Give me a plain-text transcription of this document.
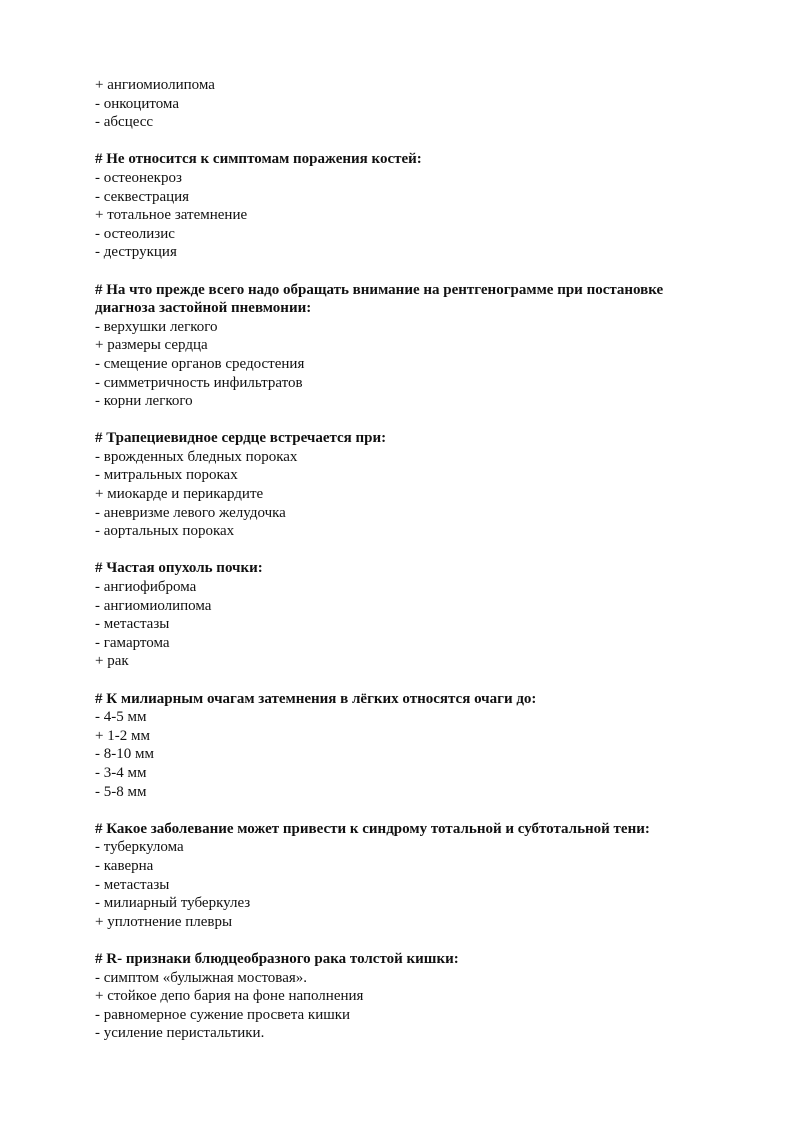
+ ангиомиолипома
- онкоцитома
- абсцесс
# Не относится к симптомам поражения костей:
- остеонекроз
- секвестрация
+ тотальное затемнение
- остеолизис
- деструкция
# На что прежде всего надо обращать внимание на рентгенограмме при постановке
диагноза застойной пневмонии:
- верхушки легкого
+ размеры сердца
- смещение органов средостения
- симметричность инфильтратов
- корни легкого
# Трапециевидное сердце встречается при:
- врожденных бледных пороках
- митральных пороках
+ миокарде и перикардите
- аневризме левого желудочка
- аортальных пороках
# Частая опухоль почки:
- ангиофиброма
- ангиомиолипома
- метастазы
- гамартома
+ рак
# К милиарным очагам затемнения в лёгких относятся очаги до:
- 4-5 мм
+ 1-2 мм
- 8-10 мм
- 3-4 мм
- 5-8 мм
# Какое заболевание может привести к синдрому тотальной и субтотальной тени:
- туберкулома
- каверна
- метастазы
- милиарный туберкулез
+ уплотнение плевры
# R- признаки блюдцеобразного рака толстой кишки:
- симптом «булыжная мостовая».
+ стойкое депо бария на фоне наполнения
- равномерное сужение просвета кишки
- усиление перистальтики.
